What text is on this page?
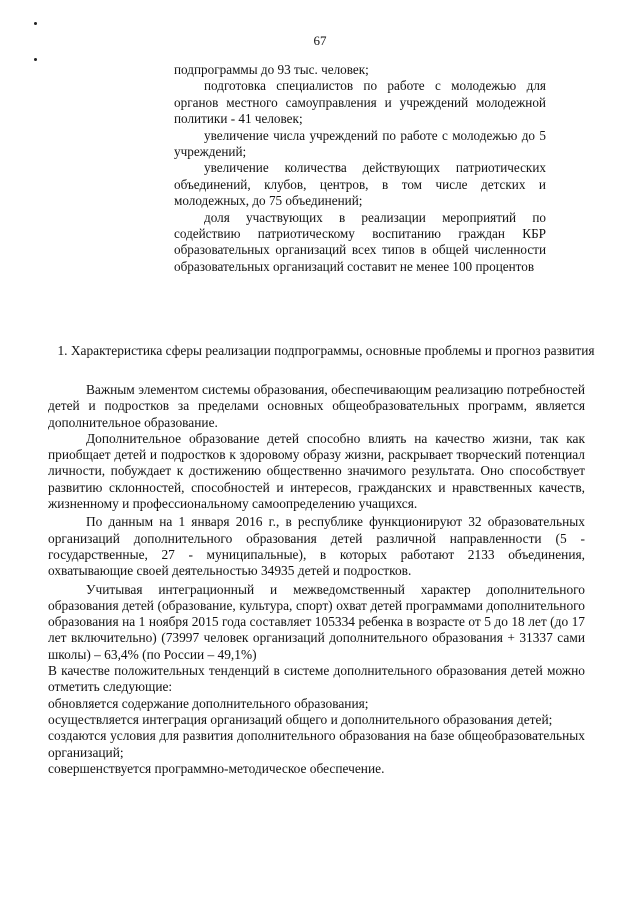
67

подпрограммы до 93 тыс. человек;

подготовка специалистов по работе с молодежью для органов местного самоуправления и учреждений молодежной политики - 41 человек;

увеличение числа учреждений по работе с молодежью до 5 учреждений;

увеличение количества действующих патриотических объединений, клубов, центров, в том числе детских и молодежных, до 75 объединений;

доля участвующих в реализации мероприятий по содействию патриотическому воспитанию граждан КБР образовательных организаций всех типов в общей численности образовательных организаций составит не менее 100 процентов

1. Характеристика сферы реализации подпрограммы, основные проблемы и прогноз развития

Важным элементом системы образования, обеспечивающим реализацию потребностей детей и подростков за пределами основных общеобразовательных программ, является дополнительное образование.

Дополнительное образование детей способно влиять на качество жизни, так как приобщает детей и подростков к здоровому образу жизни, раскрывает творческий потенциал личности, побуждает к достижению общественно значимого результата. Оно способствует развитию склонностей, способностей и интересов, гражданских и нравственных качеств, жизненному и профессиональному самоопределению учащихся.

По данным на 1 января 2016 г., в республике функционируют 32 образовательных организаций дополнительного образования детей различной направленности (5 - государственные, 27 - муниципальные), в которых работают 2133 объединения, охватывающие своей деятельностью 34935 детей и подростков.

Учитывая интеграционный и межведомственный характер дополнительного образования детей (образование, культура, спорт) охват детей программами дополнительного образования на 1 ноября 2015 года составляет 105334 ребенка в возрасте от 5 до 18 лет (до 17 лет включительно) (73997 человек организаций дополнительного образования + 31337 сами школы) – 63,4% (по России – 49,1%)

В качестве положительных тенденций в системе дополнительного образования детей можно отметить следующие:

обновляется содержание дополнительного образования;

осуществляется интеграция организаций общего и дополнительного образования детей;

создаются условия для развития дополнительного образования на базе общеобразовательных организаций;

совершенствуется программно-методическое обеспечение.
